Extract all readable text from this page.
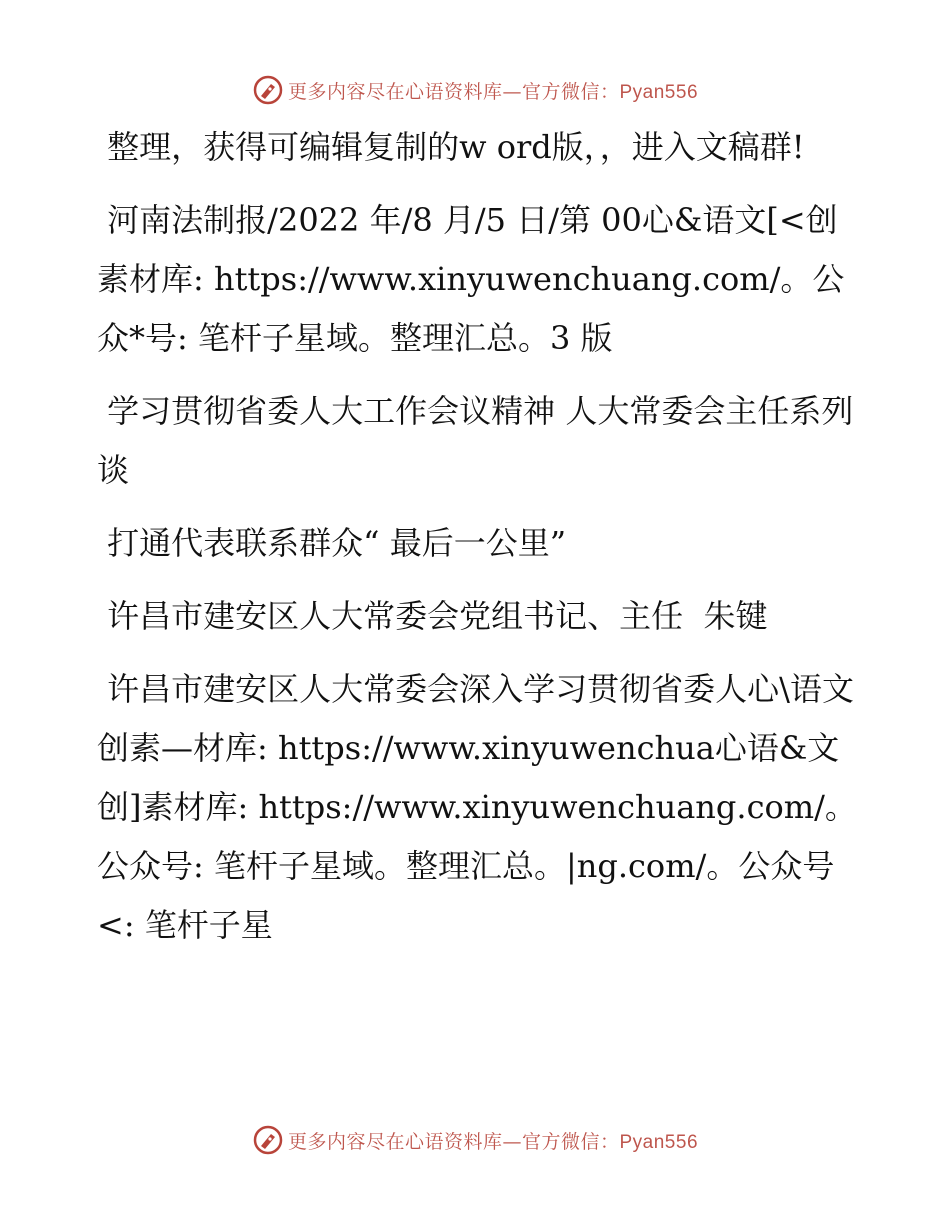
更多内容尽在心语资料库—官方微信：Pyan556

整理，获得可编辑复制的w ord版，，进入文稿群!

河南法制报/2022 年/8 月/5 日/第 00心&语文[<创素材库: https://www.xinyuwenchuang.com/。公众*号: 笔杆子星域。整理汇总。3 版

学习贯彻省委人大工作会议精神 人大常委会主任系列谈

打通代表联系群众“ 最后一公里”

许昌市建安区人大常委会党组书记、主任  朱键

许昌市建安区人大常委会深入学习贯彻省委人心\语文创素—材库: https://www.xinyuwenchua心语&文创]素材库: https://www.xinyuwenchuang.com/。公众号: 笔杆子星域。整理汇总。|ng.com/。公众号<: 笔杆子星

更多内容尽在心语资料库—官方微信：Pyan556
